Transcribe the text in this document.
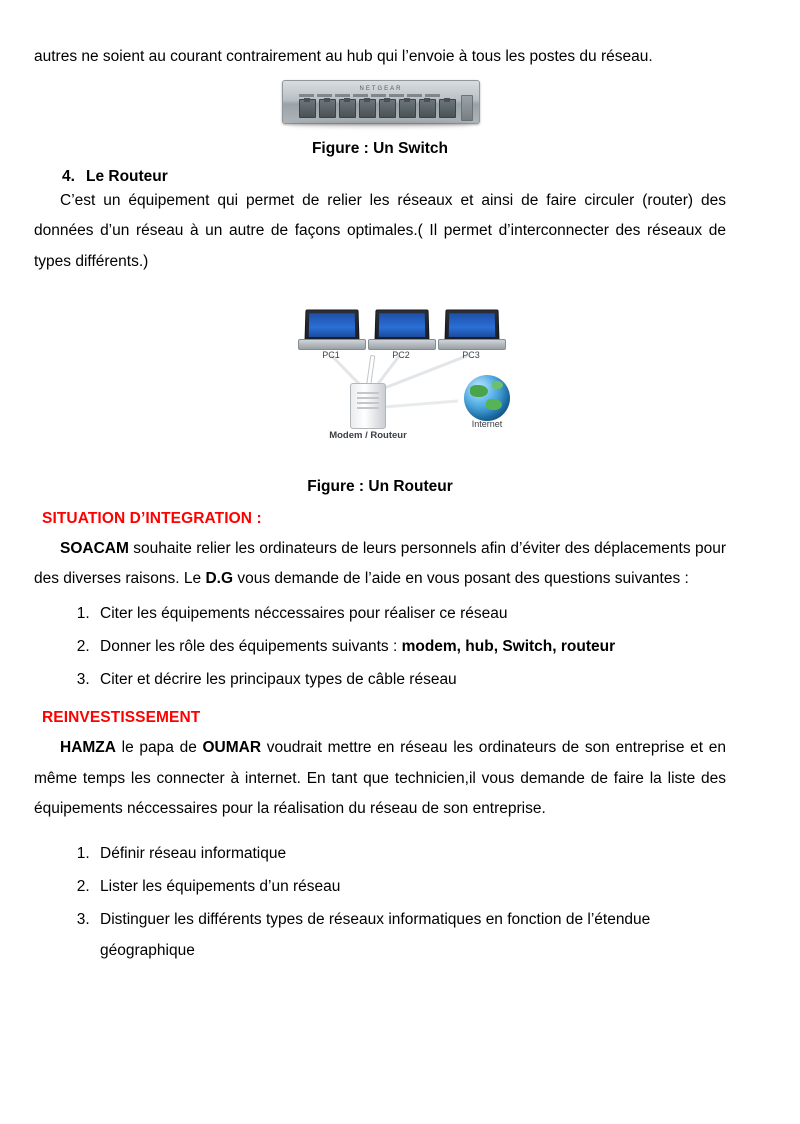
autres ne soient au courant contrairement au hub qui l’envoie à tous les postes du réseau.

NETGEAR

Figure : Un Switch

4. Le Routeur

C’est un équipement qui permet de relier les réseaux et ainsi de faire circuler (router) des données d’un réseau à un autre de façons optimales.( Il permet d’interconnecter des réseaux de types différents.)

PC1	PC2	PC3
Modem / Routeur
Internet

Figure : Un Routeur

SITUATION D’INTEGRATION :

SOACAM souhaite relier les ordinateurs de leurs personnels afin d’éviter des déplacements pour des diverses raisons. Le D.G vous demande de l’aide en vous posant des questions suivantes :

1. Citer les équipements néccessaires pour réaliser ce réseau
2. Donner les rôle des équipements suivants : modem, hub, Switch, routeur
3. Citer et décrire les principaux types de câble réseau

REINVESTISSEMENT

HAMZA le papa de OUMAR voudrait mettre en réseau les ordinateurs de son entreprise et en même temps les connecter à internet. En tant que technicien,il vous demande de faire la liste des équipements néccessaires pour la réalisation du réseau de son entreprise.

1. Définir réseau informatique
2. Lister les équipements d’un réseau
3. Distinguer les différents types de réseaux informatiques en fonction de l’étendue géographique
